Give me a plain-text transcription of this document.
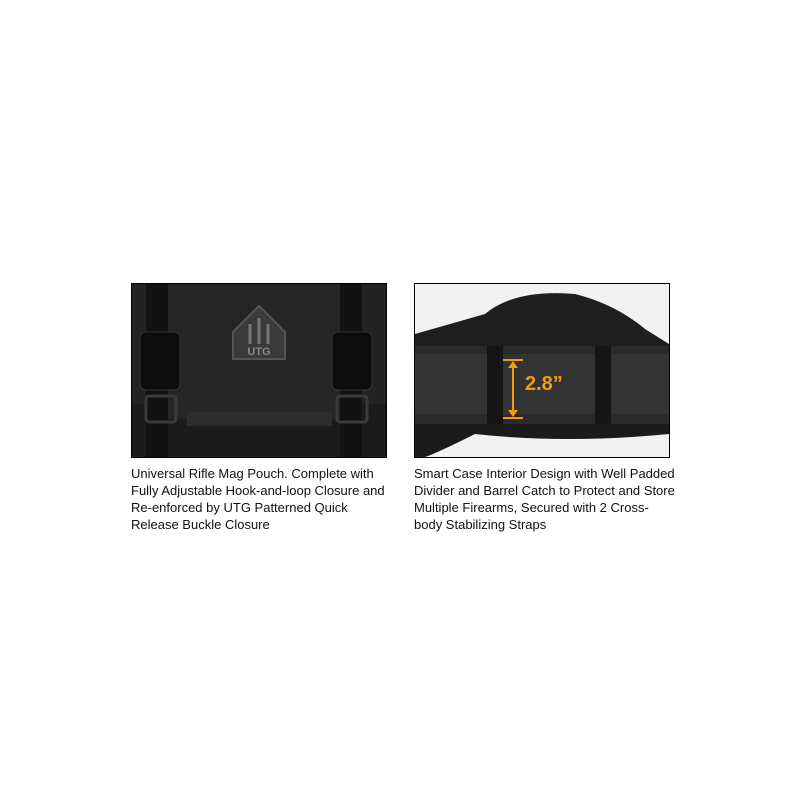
UTG
Universal Rifle Mag Pouch. Complete with Fully Adjustable Hook-and-loop Closure and Re-enforced by UTG Patterned Quick Release Buckle Closure
2.8”
Smart Case Interior Design with Well Padded Divider and Barrel Catch to Protect and Store Multiple Firearms, Secured with 2 Cross-body Stabilizing Straps
